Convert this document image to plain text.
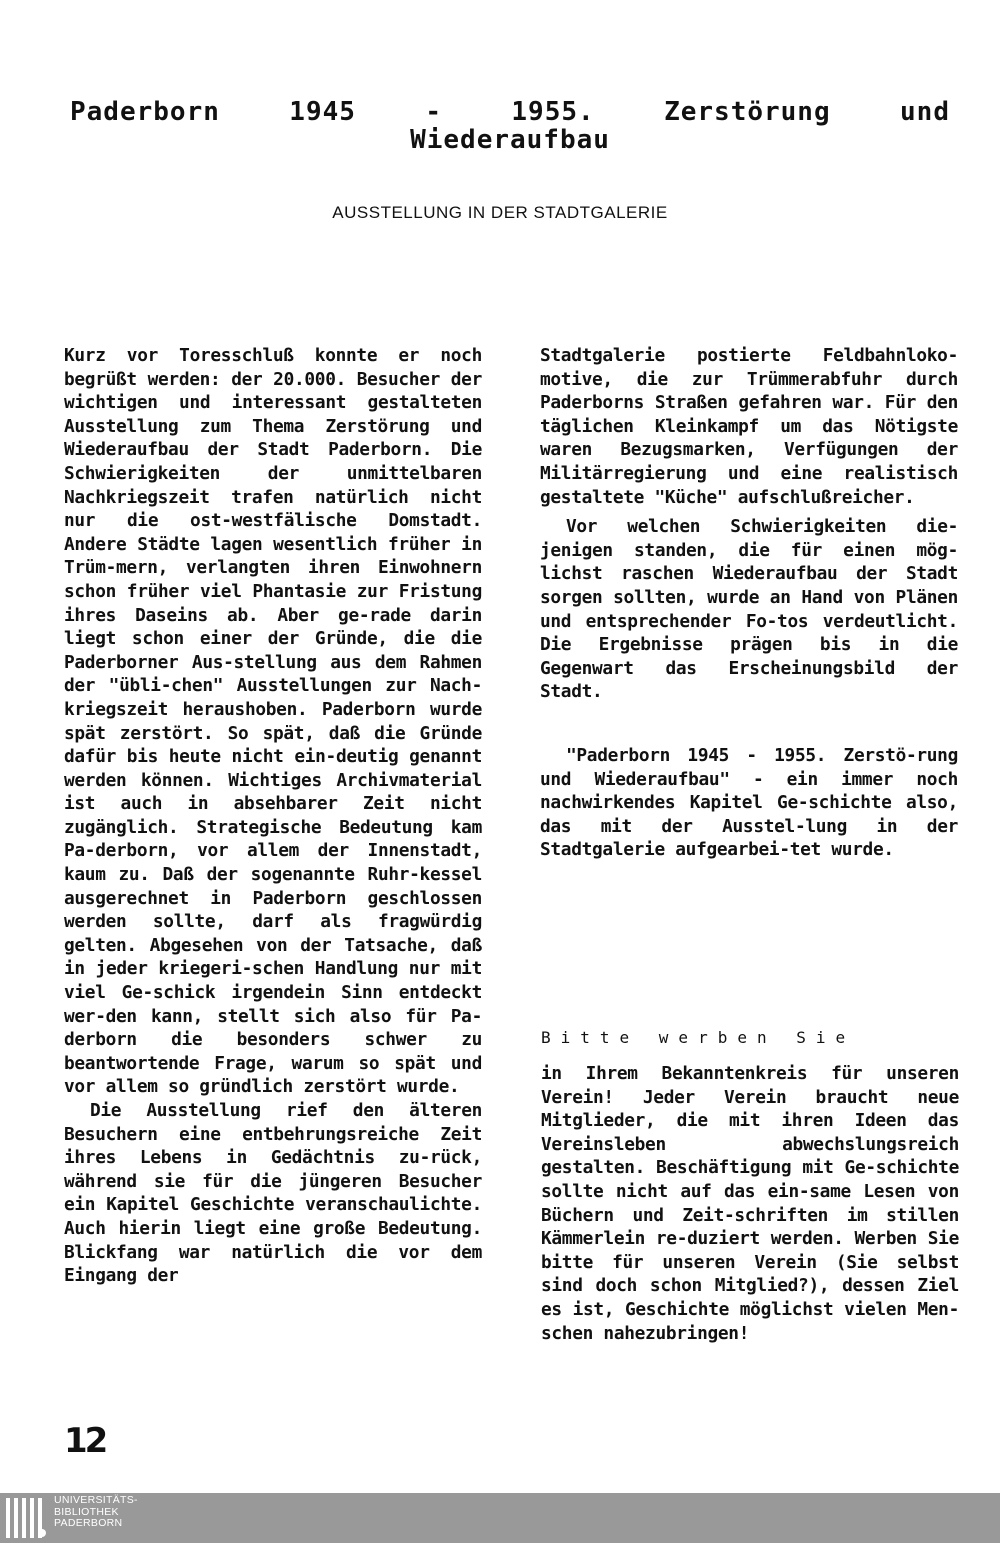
Paderborn 1945 - 1955. Zerstörung und
Wiederaufbau
AUSSTELLUNG IN DER STADTGALERIE

Kurz vor Toresschluß konnte er noch begrüßt werden: der 20.000. Besucher der wichtigen und interessant gestalteten Ausstellung zum Thema Zerstörung und Wiederaufbau der Stadt Paderborn. Die Schwierigkeiten der unmittelbaren Nachkriegszeit trafen natürlich nicht nur die ost-westfälische Domstadt. Andere Städte lagen wesentlich früher in Trüm-mern, verlangten ihren Einwohnern schon früher viel Phantasie zur Fristung ihres Daseins ab. Aber ge-rade darin liegt schon einer der Gründe, die die Paderborner Aus-stellung aus dem Rahmen der "übli-chen" Ausstellungen zur Nach-kriegszeit heraushoben. Paderborn wurde spät zerstört. So spät, daß die Gründe dafür bis heute nicht ein-deutig genannt werden können. Wichtiges Archivmaterial ist auch in absehbarer Zeit nicht zugänglich. Strategische Bedeutung kam Pa-derborn, vor allem der Innenstadt, kaum zu. Daß der sogenannte Ruhr-kessel ausgerechnet in Paderborn geschlossen werden sollte, darf als fragwürdig gelten. Abgesehen von der Tatsache, daß in jeder kriegeri-schen Handlung nur mit viel Ge-schick irgendein Sinn entdeckt wer-den kann, stellt sich also für Pa-derborn die besonders schwer zu beantwortende Frage, warum so spät und vor allem so gründlich zerstört wurde.

Die Ausstellung rief den älteren Besuchern eine entbehrungsreiche Zeit ihres Lebens in Gedächtnis zu-rück, während sie für die jüngeren Besucher ein Kapitel Geschichte veranschaulichte. Auch hierin liegt eine große Bedeutung. Blickfang war natürlich die vor dem Eingang der

Stadtgalerie postierte Feldbahnloko-motive, die zur Trümmerabfuhr durch Paderborns Straßen gefahren war. Für den täglichen Kleinkampf um das Nötigste waren Bezugsmarken, Verfügungen der Militärregierung und eine realistisch gestaltete "Küche" aufschlußreicher.

Vor welchen Schwierigkeiten die-jenigen standen, die für einen mög-lichst raschen Wiederaufbau der Stadt sorgen sollten, wurde an Hand von Plänen und entsprechender Fo-tos verdeutlicht. Die Ergebnisse prägen bis in die Gegenwart das Erscheinungsbild der Stadt.

"Paderborn 1945 - 1955. Zerstö-rung und Wiederaufbau" - ein immer noch nachwirkendes Kapitel Ge-schichte also, das mit der Ausstel-lung in der Stadtgalerie aufgearbei-tet wurde.

Bitte werben Sie

in Ihrem Bekanntenkreis für unseren Verein! Jeder Verein braucht neue Mitglieder, die mit ihren Ideen das Vereinsleben abwechslungsreich gestalten. Beschäftigung mit Ge-schichte sollte nicht auf das ein-same Lesen von Büchern und Zeit-schriften im stillen Kämmerlein re-duziert werden. Werben Sie bitte für unseren Verein (Sie selbst sind doch schon Mitglied?), dessen Ziel es ist, Geschichte möglichst vielen Men-schen nahezubringen!

12
UNIVERSITÄTS-
BIBLIOTHEK
PADERBORN
